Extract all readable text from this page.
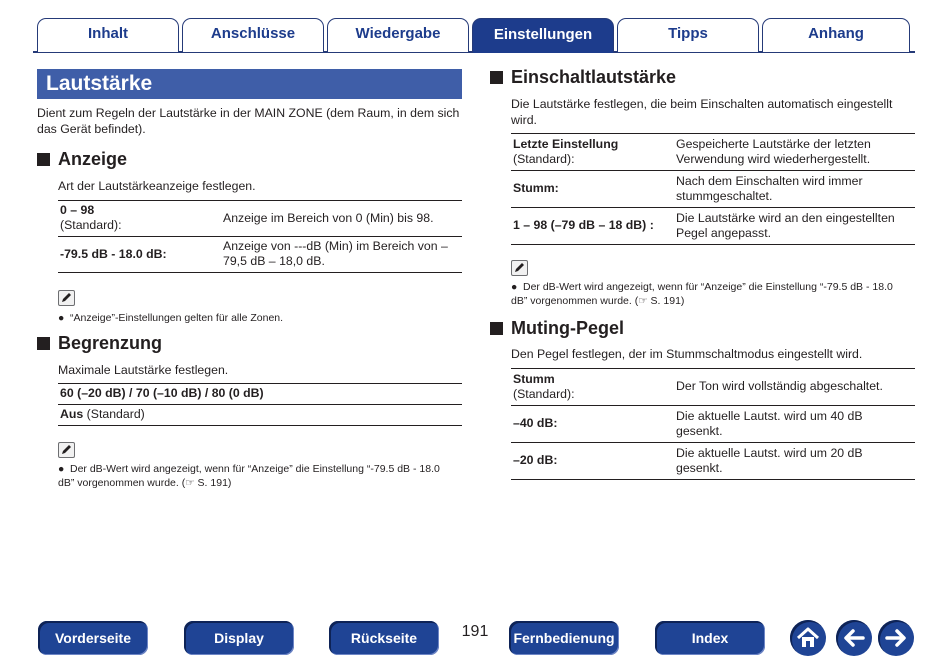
Inhalt	Anschlüsse	Wiedergabe	Einstellungen	Tipps	Anhang
Lautstärke
Dient zum Regeln der Lautstärke in der MAIN ZONE (dem Raum, in dem sich das Gerät befindet).
Anzeige
Art der Lautstärkeanzeige festlegen.
0 – 98
(Standard):	Anzeige im Bereich von 0 (Min) bis 98.
-79.5 dB - 18.0 dB:	Anzeige von ---dB (Min) im Bereich von – 79,5 dB – 18,0 dB.
● “Anzeige”-Einstellungen gelten für alle Zonen.
Begrenzung
Maximale Lautstärke festlegen.
60 (–20 dB) / 70 (–10 dB) / 80 (0 dB)
Aus (Standard)
● Der dB-Wert wird angezeigt, wenn für “Anzeige” die Einstellung “-79.5 dB - 18.0 dB” vorgenommen wurde. (☞ S. 191)
Einschaltlautstärke
Die Lautstärke festlegen, die beim Einschalten automatisch eingestellt wird.
Letzte Einstellung
(Standard):	Gespeicherte Lautstärke der letzten Verwendung wird wiederhergestellt.
Stumm:	Nach dem Einschalten wird immer stummgeschaltet.
1 – 98 (–79 dB – 18 dB) :	Die Lautstärke wird an den eingestellten Pegel angepasst.
● Der dB-Wert wird angezeigt, wenn für “Anzeige” die Einstellung “-79.5 dB - 18.0 dB” vorgenommen wurde. (☞ S. 191)
Muting-Pegel
Den Pegel festlegen, der im Stummschaltmodus eingestellt wird.
Stumm
(Standard):	Der Ton wird vollständig abgeschaltet.
–40 dB:	Die aktuelle Lautst. wird um 40 dB gesenkt.
–20 dB:	Die aktuelle Lautst. wird um 20 dB gesenkt.
Vorderseite	Display	Rückseite	191	Fernbedienung	Index
